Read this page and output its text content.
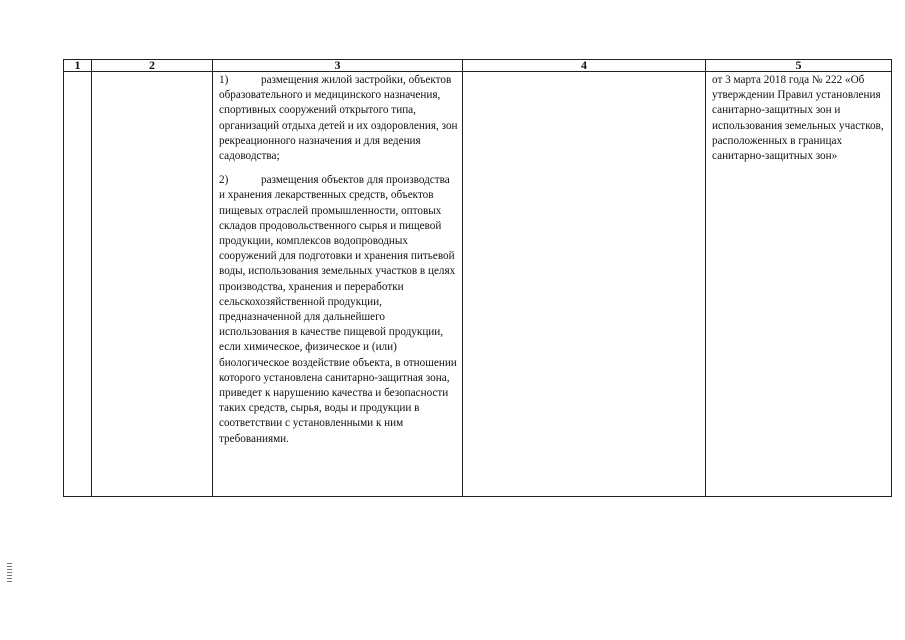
1	2	3	4	5

		1) размещения жилой застройки, объектов образовательного и медицинского назначения, спортивных сооружений открытого типа, организаций отдыха детей и их оздоровления, зон рекреационного назначения и для ведения садоводства;

2) размещения объектов для производства и хранения лекарственных средств, объектов пищевых отраслей промышленности, оптовых складов продовольственного сырья и пищевой продукции, комплексов водопроводных сооружений для подготовки и хранения питьевой воды, использования земельных участков в целях производства, хранения и переработки сельскохозяйственной продукции, предназначенной для дальнейшего использования в качестве пищевой продукции, если химическое, физическое и (или) биологическое воздействие объекта, в отношении которого установлена санитарно-защитная зона, приведет к нарушению качества и безопасности таких средств, сырья, воды и продукции в соответствии с установленными к ним требованиями.		от 3 марта 2018 года № 222 «Об утверждении Правил установления санитарно-защитных зон и использования земельных участков, расположенных в границах санитарно-защитных зон»
